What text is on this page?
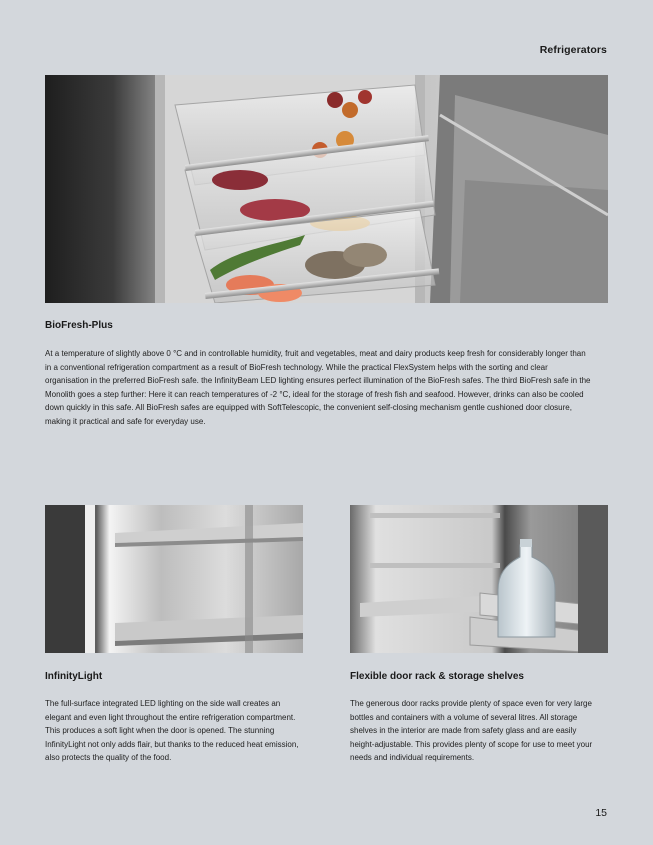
Refrigerators
BioFresh-Plus

At a temperature of slightly above 0 °C and in controllable humidity, fruit and vegetables, meat and dairy products keep fresh for considerably longer than in a conventional refrigeration compartment as a result of BioFresh technology. While the practical FlexSystem helps with the sorting and clear organisation in the preferred BioFresh safe. the InfinityBeam LED lighting ensures perfect illumination of the BioFresh safes. The third BioFresh safe in the Monolith goes a step further: Here it can reach temperatures of -2 °C, ideal for the storage of fresh fish and seafood. However, drinks can also be cooled down quickly in this safe. All BioFresh safes are equipped with SoftTelescopic, the convenient self-closing mechanism gentle cushioned door closure, making it practical and safe for everyday use.

InfinityLight

The full-surface integrated LED lighting on the side wall creates an elegant and even light throughout the entire refrigeration compartment. This produces a soft light when the door is opened. The stunning InfinityLight not only adds flair, but thanks to the reduced heat emission, also protects the quality of the food.

Flexible door rack & storage shelves

The generous door racks provide plenty of space even for very large bottles and containers with a volume of several litres. All storage shelves in the interior are made from safety glass and are easily height-adjustable. This provides plenty of scope for use to meet your needs and individual requirements.

15
